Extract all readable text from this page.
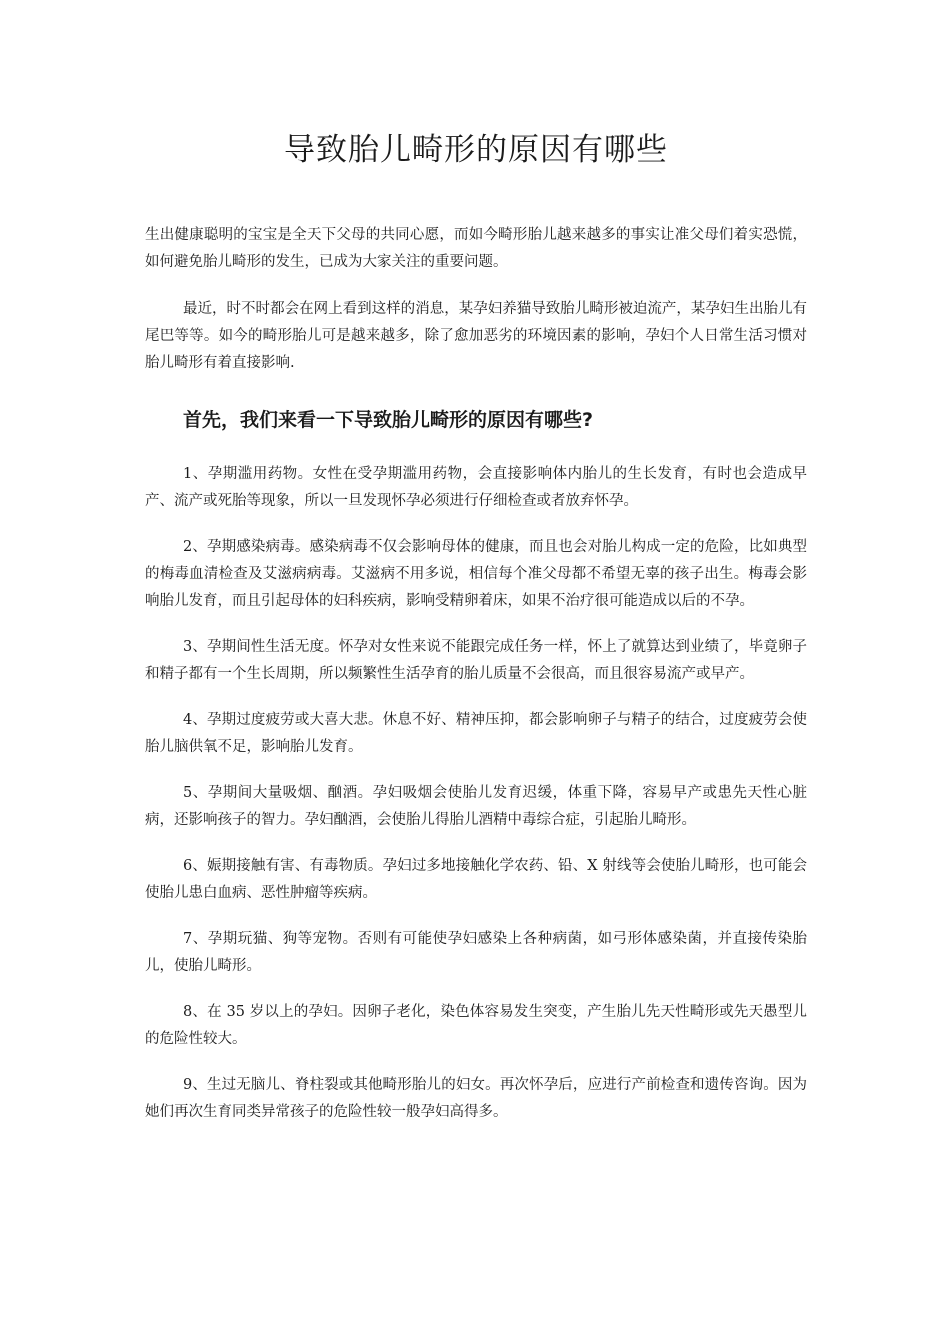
导致胎儿畸形的原因有哪些

生出健康聪明的宝宝是全天下父母的共同心愿，而如今畸形胎儿越来越多的事实让准父母们着实恐慌，如何避免胎儿畸形的发生，已成为大家关注的重要问题。

最近，时不时都会在网上看到这样的消息，某孕妇养猫导致胎儿畸形被迫流产，某孕妇生出胎儿有尾巴等等。如今的畸形胎儿可是越来越多，除了愈加恶劣的环境因素的影响，孕妇个人日常生活习惯对胎儿畸形有着直接影响.

首先，我们来看一下导致胎儿畸形的原因有哪些?

1、孕期滥用药物。女性在受孕期滥用药物，会直接影响体内胎儿的生长发育，有时也会造成早产、流产或死胎等现象，所以一旦发现怀孕必须进行仔细检查或者放弃怀孕。

2、孕期感染病毒。感染病毒不仅会影响母体的健康，而且也会对胎儿构成一定的危险，比如典型的梅毒血清检查及艾滋病病毒。艾滋病不用多说，相信每个准父母都不希望无辜的孩子出生。梅毒会影响胎儿发育，而且引起母体的妇科疾病，影响受精卵着床，如果不治疗很可能造成以后的不孕。

3、孕期间性生活无度。怀孕对女性来说不能跟完成任务一样，怀上了就算达到业绩了，毕竟卵子和精子都有一个生长周期，所以频繁性生活孕育的胎儿质量不会很高，而且很容易流产或早产。

4、孕期过度疲劳或大喜大悲。休息不好、精神压抑，都会影响卵子与精子的结合，过度疲劳会使胎儿脑供氧不足，影响胎儿发育。

5、孕期间大量吸烟、酗酒。孕妇吸烟会使胎儿发育迟缓，体重下降，容易早产或患先天性心脏病，还影响孩子的智力。孕妇酗酒，会使胎儿得胎儿酒精中毒综合症，引起胎儿畸形。

6、娠期接触有害、有毒物质。孕妇过多地接触化学农药、铅、X 射线等会使胎儿畸形，也可能会使胎儿患白血病、恶性肿瘤等疾病。

7、孕期玩猫、狗等宠物。否则有可能使孕妇感染上各种病菌，如弓形体感染菌，并直接传染胎儿，使胎儿畸形。

8、在 35 岁以上的孕妇。因卵子老化，染色体容易发生突变，产生胎儿先天性畸形或先天愚型儿的危险性较大。

9、生过无脑儿、脊柱裂或其他畸形胎儿的妇女。再次怀孕后，应进行产前检查和遗传咨询。因为她们再次生育同类异常孩子的危险性较一般孕妇高得多。
